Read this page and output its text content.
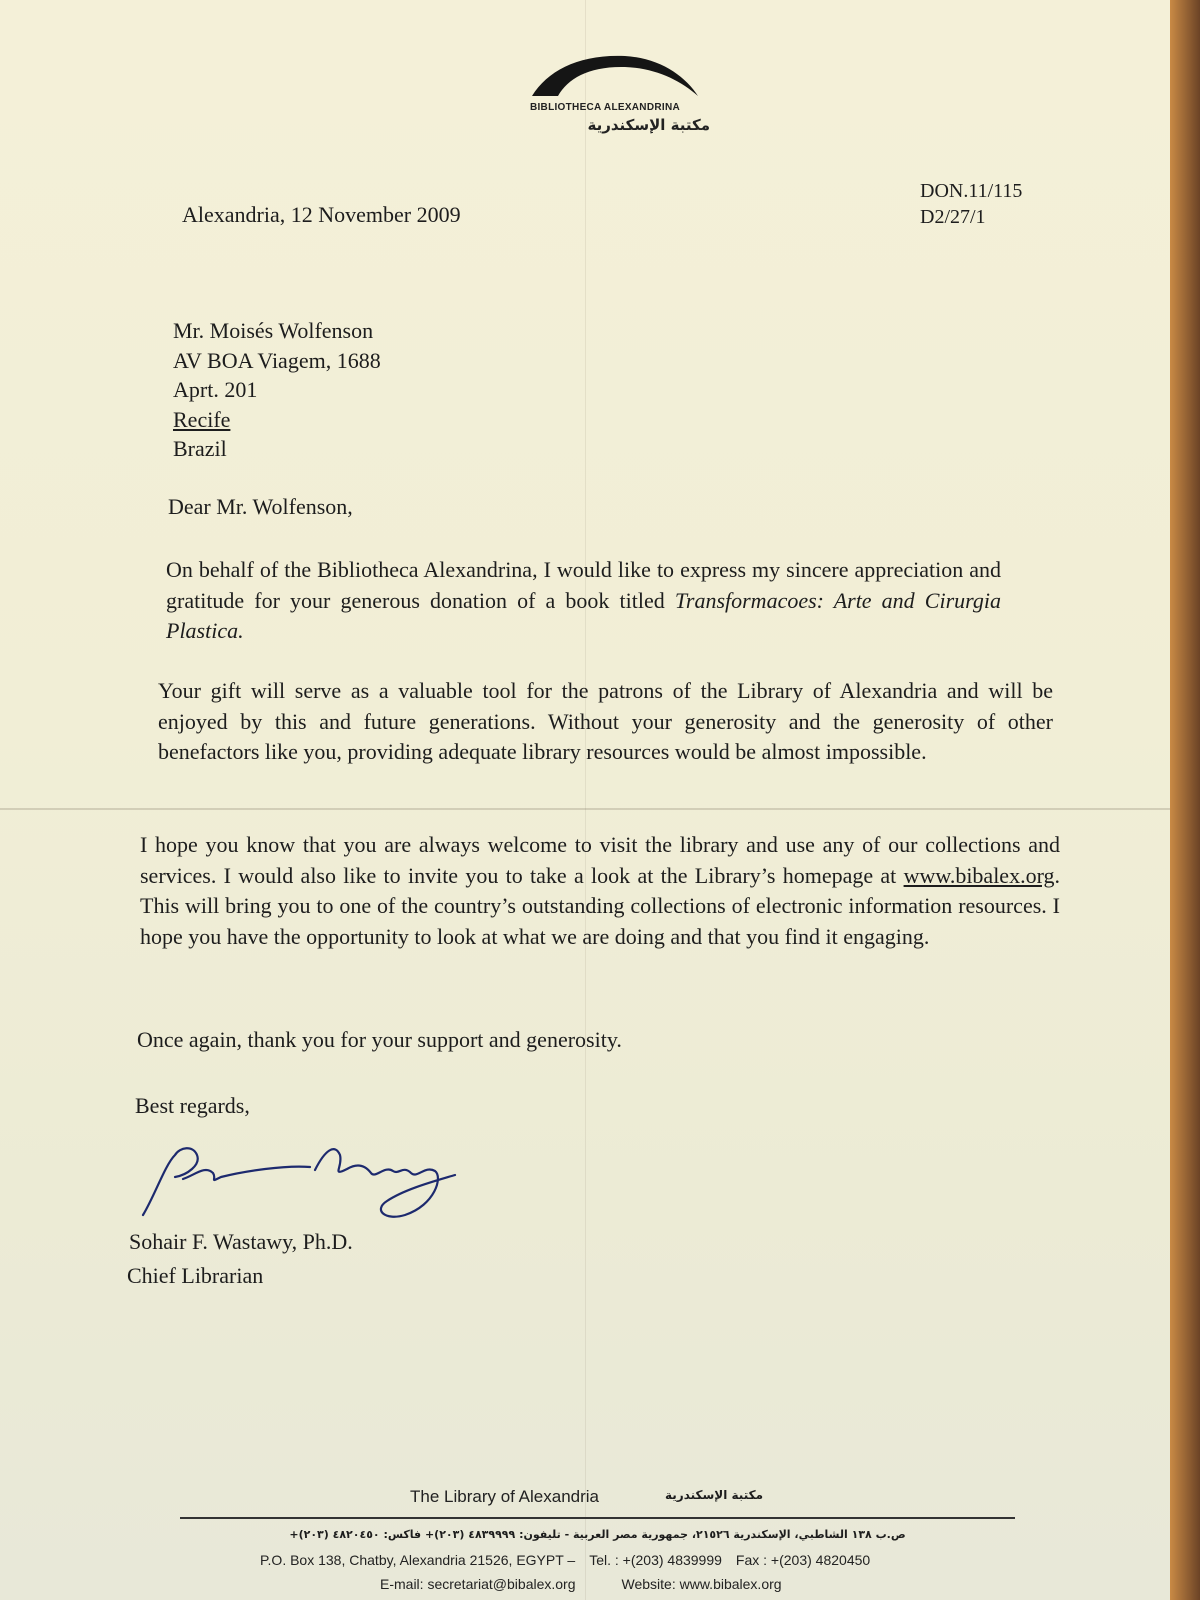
BIBLIOTHECA ALEXANDRINA
مكتبة الإسكندرية
Alexandria, 12 November 2009
DON.11/115
D2/27/1
Mr. Moisés Wolfenson
AV BOA Viagem, 1688
Aprt. 201
Recife
Brazil
Dear Mr. Wolfenson,
On behalf of the Bibliotheca Alexandrina, I would like to express my sincere appreciation and gratitude for your generous donation of a book titled Transformacoes: Arte and Cirurgia Plastica.
Your gift will serve as a valuable tool for the patrons of the Library of Alexandria and will be enjoyed by this and future generations. Without your generosity and the generosity of other benefactors like you, providing adequate library resources would be almost impossible.
I hope you know that you are always welcome to visit the library and use any of our collections and services. I would also like to invite you to take a look at the Library’s homepage at www.bibalex.org. This will bring you to one of the country’s outstanding collections of electronic information resources. I hope you have the opportunity to look at what we are doing and that you find it engaging.
Once again, thank you for your support and generosity.
Best regards,
Sohair F. Wastawy, Ph.D.
Chief Librarian
The Library of Alexandria	مكتبة الإسكندرية
ص.ب ١٣٨ الشاطبي، الإسكندرية ٢١٥٢٦، جمهورية مصر العربية - تليفون: ٤٨٣٩٩٩٩ (٢٠٣)+ فاكس: ٤٨٢٠٤٥٠ (٢٠٣)+
P.O. Box 138, Chatby, Alexandria 21526, EGYPT – Tel. : +(203) 4839999 Fax : +(203) 4820450
E-mail: secretariat@bibalex.org	Website: www.bibalex.org
